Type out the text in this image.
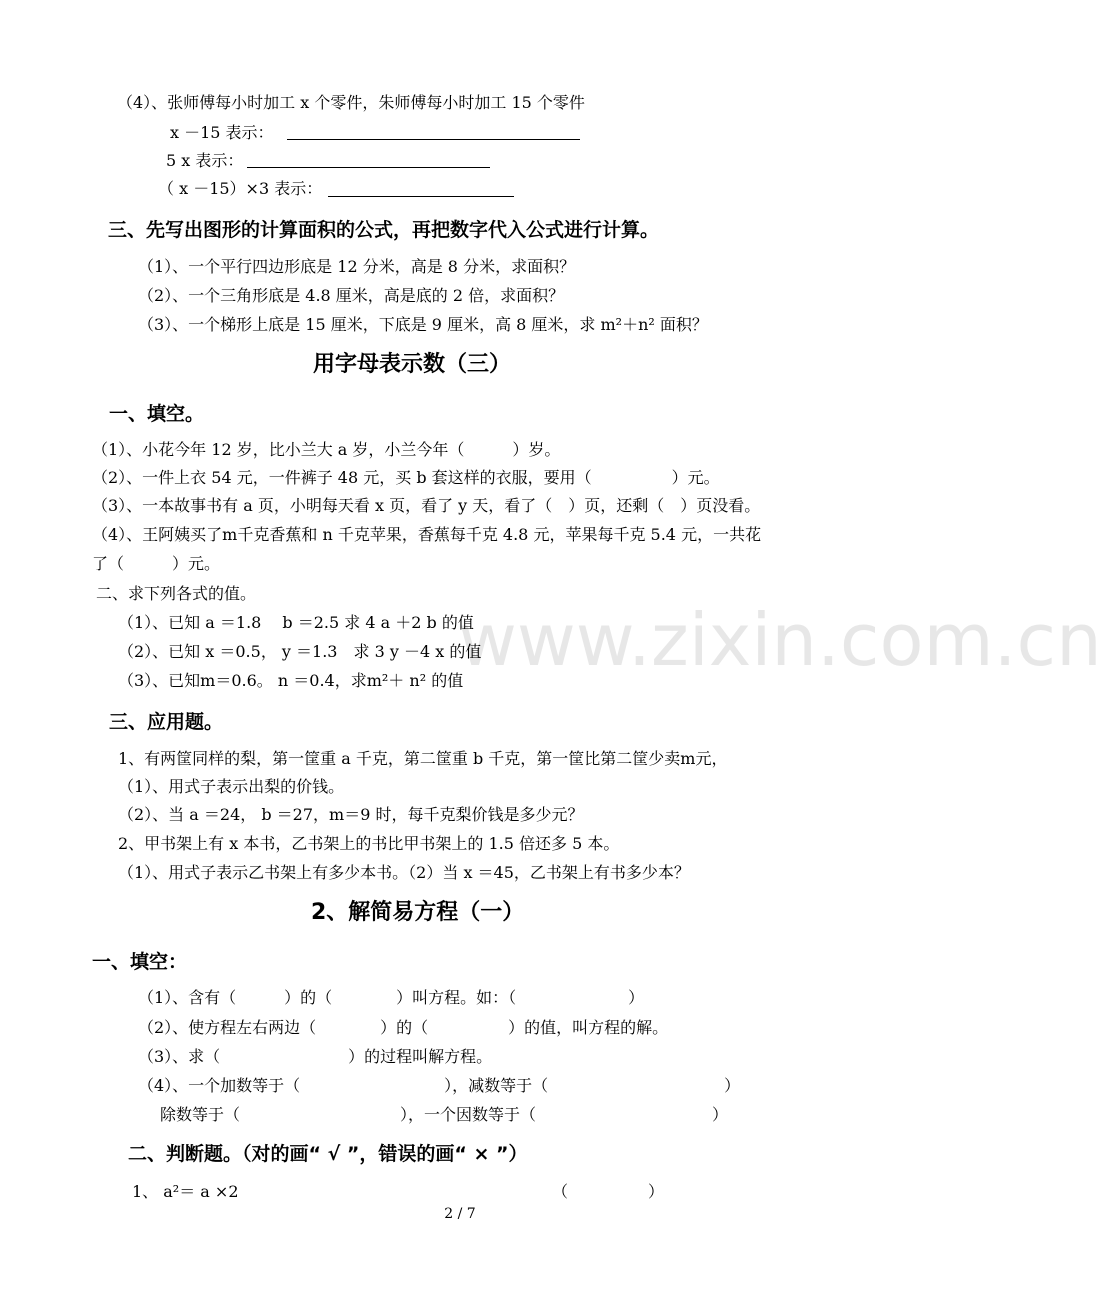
www.zixin.com.cn
（4）、张师傅每小时加工 x 个零件，朱师傅每小时加工 15 个零件
x －15 表示：
5 x 表示：
（ x －15）×3 表示：
三、先写出图形的计算面积的公式，再把数字代入公式进行计算。
（1）、一个平行四边形底是 12 分米，高是 8 分米，求面积？
（2）、一个三角形底是 4.8 厘米，高是底的 2 倍，求面积？
（3）、一个梯形上底是 15 厘米，下底是 9 厘米，高 8 厘米，求 m²＋n² 面积？
用字母表示数（三）
一、填空。
（1）、小花今年 12 岁，比小兰大 a 岁，小兰今年（　　　）岁。
（2）、一件上衣 54 元，一件裤子 48 元，买 b 套这样的衣服，要用（　　　　　）元。
（3）、一本故事书有 a 页，小明每天看 x 页，看了 y 天，看了（　）页，还剩（　）页没看。
（4）、王阿姨买了m千克香蕉和 n 千克苹果，香蕉每千克 4.8 元，苹果每千克 5.4 元，一共花
了（　　　）元。
二、求下列各式的值。
（1）、已知 a ＝1.8　 b ＝2.5 求 4 a ＋2 b 的值
（2）、已知 x ＝0.5， y ＝1.3　求 3 y －4 x 的值
（3）、已知m＝0.6。 n ＝0.4，求m²＋ n² 的值
三、应用题。
1、有两筐同样的梨，第一筐重 a 千克，第二筐重 b 千克，第一筐比第二筐少卖m元，
（1）、用式子表示出梨的价钱。
（2）、当 a ＝24， b ＝27，m＝9 时，每千克梨价钱是多少元？
2、甲书架上有 x 本书，乙书架上的书比甲书架上的 1.5 倍还多 5 本。
（1）、用式子表示乙书架上有多少本书。（2）当 x ＝45，乙书架上有书多少本？
2、解简易方程（一）
一、填空：
（1）、含有（　　　）的（　　　　）叫方程。如：（　　　　　　　）
（2）、使方程左右两边（　　　　）的（　　　　　）的值，叫方程的解。
（3）、求（　　　　　　　　）的过程叫解方程。
（4）、一个加数等于（　　　　　　　　　），减数等于（　　　　　　　　　　　）
除数等于（　　　　　　　　　　），一个因数等于（　　　　　　　　　　　）
二、判断题。（对的画“ √ ”，错误的画“ × ”）
1、 a²＝ a ×2	（　　　　　）
2 / 7
